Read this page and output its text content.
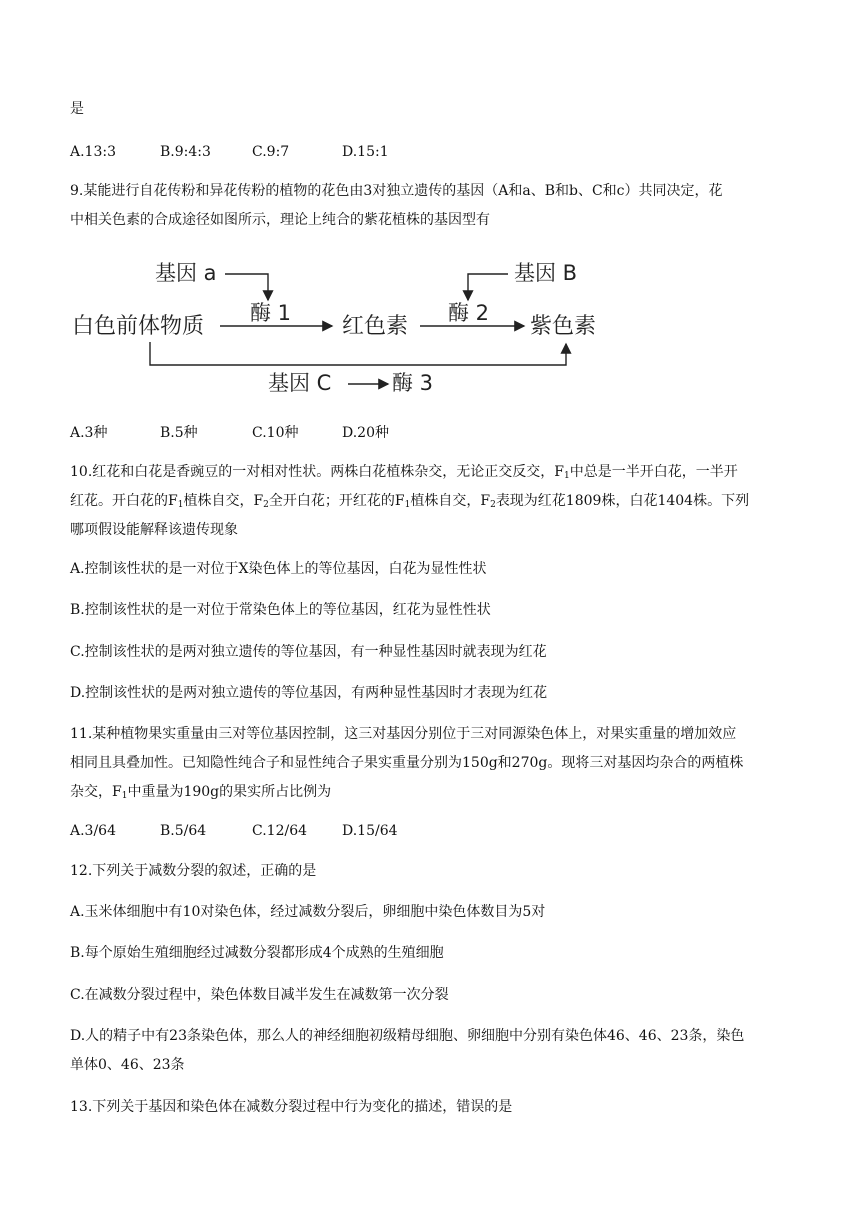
是
A.13:3	B.9:4:3	C.9:7	D.15:1
9.某能进行自花传粉和异花传粉的植物的花色由3对独立遗传的基因（A和a、B和b、C和c）共同决定，花
中相关色素的合成途径如图所示，理论上纯合的紫花植株的基因型有
基因 a	基因 B
酶 1	酶 2
白色前体物质	红色素	紫色素
基因 C	酶 3
A.3种	B.5种	C.10种	D.20种
10.红花和白花是香豌豆的一对相对性状。两株白花植株杂交，无论正交反交，$F_1$中总是一半开白花，一半开
红花。开白花的$F_1$植株自交，$F_2$全开白花；开红花的$F_1$植株自交，$F_2$表现为红花1809株，白花1404株。下列
哪项假设能解释该遗传现象
A.控制该性状的是一对位于X染色体上的等位基因，白花为显性性状
B.控制该性状的是一对位于常染色体上的等位基因，红花为显性性状
C.控制该性状的是两对独立遗传的等位基因，有一种显性基因时就表现为红花
D.控制该性状的是两对独立遗传的等位基因，有两种显性基因时才表现为红花
11.某种植物果实重量由三对等位基因控制，这三对基因分别位于三对同源染色体上，对果实重量的增加效应
相同且具叠加性。已知隐性纯合子和显性纯合子果实重量分别为150g和270g。现将三对基因均杂合的两植株
杂交，$F_1$中重量为190g的果实所占比例为
A.3/64	B.5/64	C.12/64 D.15/64
12.下列关于减数分裂的叙述，正确的是
A.玉米体细胞中有10对染色体，经过减数分裂后，卵细胞中染色体数目为5对
B.每个原始生殖细胞经过减数分裂都形成4个成熟的生殖细胞
C.在减数分裂过程中，染色体数目减半发生在减数第一次分裂
D.人的精子中有23条染色体，那么人的神经细胞初级精母细胞、卵细胞中分别有染色体46、46、23条，染色
单体0、46、23条
13.下列关于基因和染色体在减数分裂过程中行为变化的描述，错误的是
